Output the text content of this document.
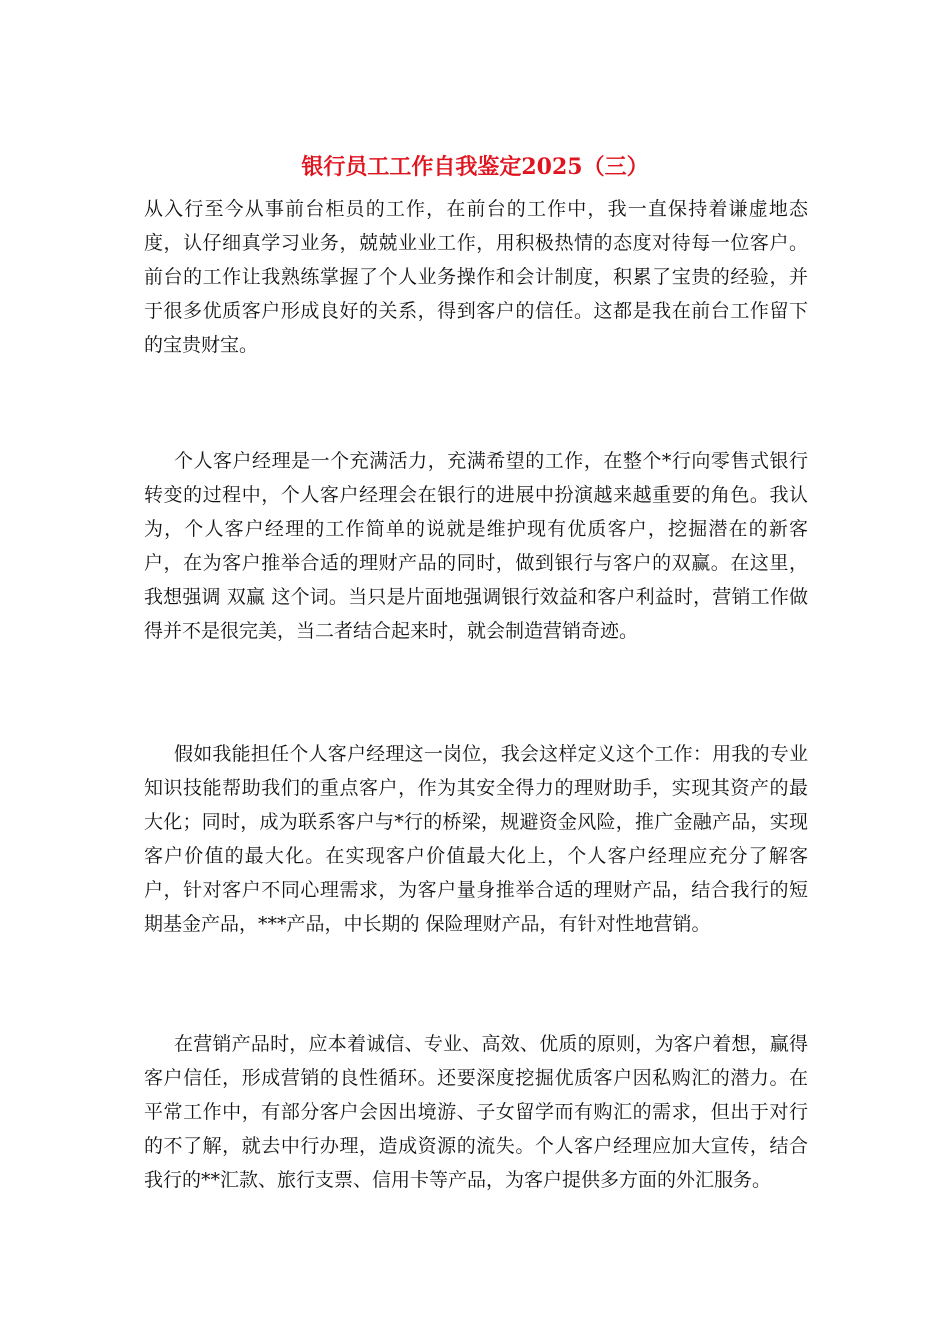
银行员工工作自我鉴定2025（三）

从入行至今从事前台柜员的工作，在前台的工作中，我一直保持着谦虚地态度，认仔细真学习业务，兢兢业业工作，用积极热情的态度对待每一位客户。前台的工作让我熟练掌握了个人业务操作和会计制度，积累了宝贵的经验，并于很多优质客户形成良好的关系，得到客户的信任。这都是我在前台工作留下的宝贵财宝。

个人客户经理是一个充满活力，充满希望的工作，在整个*行向零售式银行转变的过程中，个人客户经理会在银行的进展中扮演越来越重要的角色。我认为，个人客户经理的工作简单的说就是维护现有优质客户，挖掘潜在的新客户，在为客户推举合适的理财产品的同时，做到银行与客户的双赢。在这里，我想强调 双赢 这个词。当只是片面地强调银行效益和客户利益时，营销工作做得并不是很完美，当二者结合起来时，就会制造营销奇迹。

假如我能担任个人客户经理这一岗位，我会这样定义这个工作：用我的专业知识技能帮助我们的重点客户，作为其安全得力的理财助手，实现其资产的最大化；同时，成为联系客户与*行的桥梁，规避资金风险，推广金融产品，实现客户价值的最大化。在实现客户价值最大化上，个人客户经理应充分了解客户，针对客户不同心理需求，为客户量身推举合适的理财产品，结合我行的短期基金产品，***产品，中长期的 保险理财产品，有针对性地营销。

在营销产品时，应本着诚信、专业、高效、优质的原则，为客户着想，赢得客户信任，形成营销的良性循环。还要深度挖掘优质客户因私购汇的潜力。在平常工作中，有部分客户会因出境游、子女留学而有购汇的需求，但出于对行的不了解，就去中行办理，造成资源的流失。个人客户经理应加大宣传，结合我行的**汇款、旅行支票、信用卡等产品，为客户提供多方面的外汇服务。
